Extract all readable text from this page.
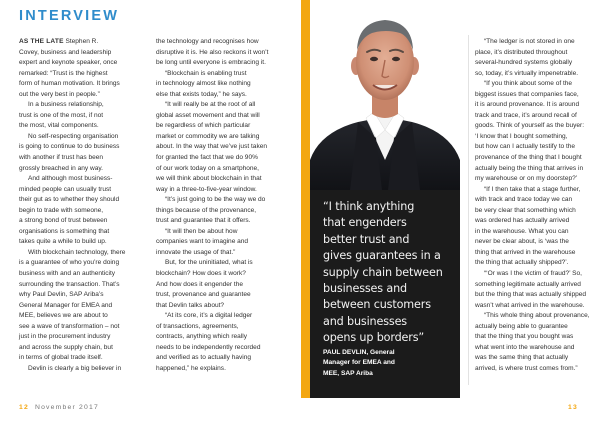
INTERVIEW

AS THE LATE Stephen R.
Covey, business and leadership
expert and keynote speaker, once
remarked: “Trust is the highest
form of human motivation. It brings
out the very best in people.”

In a business relationship,
trust is one of the most, if not
the most, vital components.

No self-respecting organisation
is going to continue to do business
with another if trust has been
grossly breached in any way.

And although most business-
minded people can usually trust
their gut as to whether they should
begin to trade with someone,
a strong bond of trust between
organisations is something that
takes quite a while to build up.

With blockchain technology, there
is a guarantee of who you’re doing
business with and an authenticity
surrounding the transaction. That’s
why Paul Devlin, SAP Ariba’s
General Manager for EMEA and
MEE, believes we are about to
see a wave of transformation – not
just in the procurement industry
and across the supply chain, but
in terms of global trade itself.

Devlin is clearly a big believer in

the technology and recognises how
disruptive it is. He also reckons it won’t
be long until everyone is embracing it.

“Blockchain is enabling trust
in technology almost like nothing
else that exists today,” he says.

“It will really be at the root of all
global asset movement and that will
be regardless of which particular
market or commodity we are talking
about. In the way that we’ve just taken
for granted the fact that we do 90%
of our work today on a smartphone,
we will think about blockchain in that
way in a three-to-five-year window.

“It’s just going to be the way we do
things because of the provenance,
trust and guarantee that it offers.

“It will then be about how
companies want to imagine and
innovate the usage of that.”

But, for the uninitiated, what is
blockchain? How does it work?
And how does it engender the
trust, provenance and guarantee
that Devlin talks about?

“At its core, it’s a digital ledger
of transactions, agreements,
contracts, anything which really
needs to be independently recorded
and verified as to actually having
happened,” he explains.

“I think anything
that engenders
better trust and
gives guarantees in a
supply chain between
businesses and
between customers
and businesses
opens up borders”
PAUL DEVLIN, General
Manager for EMEA and
MEE, SAP Ariba

“The ledger is not stored in one
place, it’s distributed throughout
several-hundred systems globally
so, today, it’s virtually impenetrable.

“If you think about some of the
biggest issues that companies face,
it is around provenance. It is around
track and trace, it’s around recall of
goods. Think of yourself as the buyer:
‘I know that I bought something,
but how can I actually testify to the
provenance of the thing that I bought
actually being the thing that arrives in
my warehouse or on my doorstep?’

“If I then take that a stage further,
with track and trace today we can
be very clear that something which
was ordered has actually arrived
in the warehouse. What you can
never be clear about, is ‘was the
thing that arrived in the warehouse
the thing that actually shipped?’.

“‘Or was I the victim of fraud?’ So,
something legitimate actually arrived
but the thing that was actually shipped
wasn’t what arrived in the warehouse.

“This whole thing about provenance,
actually being able to guarantee
that the thing that you bought was
what went into the warehouse and
was the same thing that actually
arrived, is where trust comes from.”

12 November 2017	13
